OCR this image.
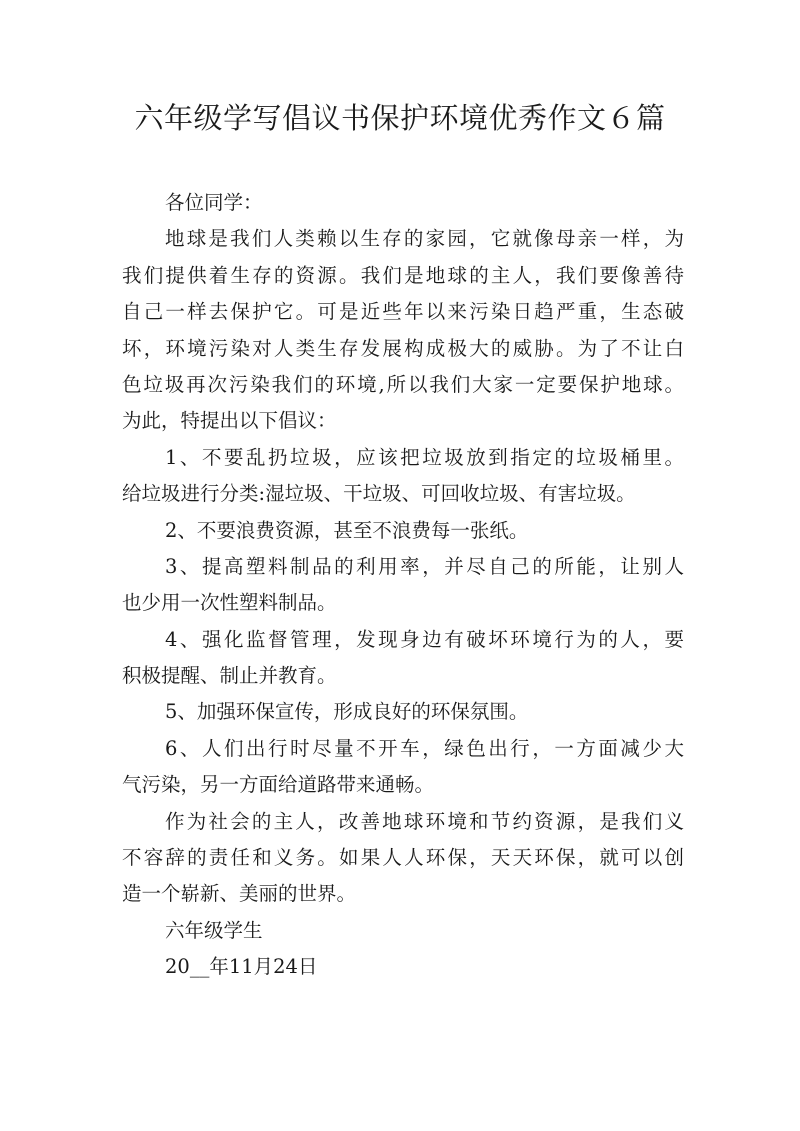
六年级学写倡议书保护环境优秀作文６篇
各位同学：
地球是我们人类赖以生存的家园，它就像母亲一样，为
我们提供着生存的资源。我们是地球的主人，我们要像善待
自己一样去保护它。可是近些年以来污染日趋严重，生态破
坏，环境污染对人类生存发展构成极大的威胁。为了不让白
色垃圾再次污染我们的环境,所以我们大家一定要保护地球。
为此，特提出以下倡议：
1、不要乱扔垃圾，应该把垃圾放到指定的垃圾桶里。
给垃圾进行分类:湿垃圾、干垃圾、可回收垃圾、有害垃圾。
2、不要浪费资源，甚至不浪费每一张纸。
3、提高塑料制品的利用率，并尽自己的所能，让别人
也少用一次性塑料制品。
4、强化监督管理，发现身边有破坏环境行为的人，要
积极提醒、制止并教育。
5、加强环保宣传，形成良好的环保氛围。
6、人们出行时尽量不开车，绿色出行，一方面减少大
气污染，另一方面给道路带来通畅。
作为社会的主人，改善地球环境和节约资源，是我们义
不容辞的责任和义务。如果人人环保，天天环保，就可以创
造一个崭新、美丽的世界。
六年级学生
20__年11月24日
